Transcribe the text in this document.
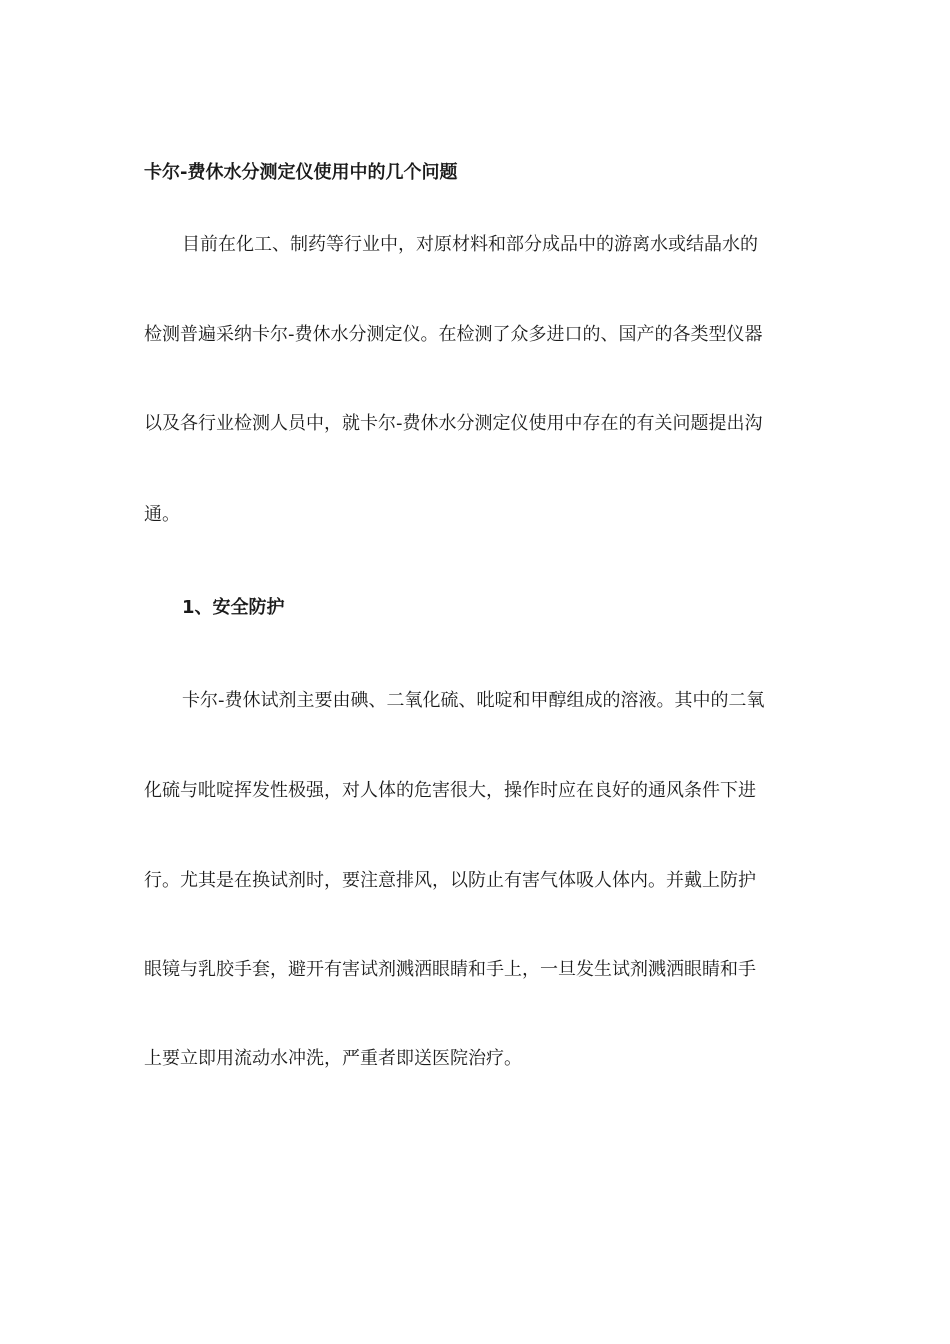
卡尔-费休水分测定仪使用中的几个问题
目前在化工、制药等行业中，对原材料和部分成品中的游离水或结晶水的
检测普遍采纳卡尔-费休水分测定仪。在检测了众多进口的、国产的各类型仪器
以及各行业检测人员中，就卡尔-费休水分测定仪使用中存在的有关问题提出沟
通。
1、安全防护
卡尔-费休试剂主要由碘、二氧化硫、吡啶和甲醇组成的溶液。其中的二氧
化硫与吡啶挥发性极强，对人体的危害很大，操作时应在良好的通风条件下进
行。尤其是在换试剂时，要注意排风，以防止有害气体吸人体内。并戴上防护
眼镜与乳胶手套，避开有害试剂溅洒眼睛和手上，一旦发生试剂溅洒眼睛和手
上要立即用流动水冲洗，严重者即送医院治疗。
